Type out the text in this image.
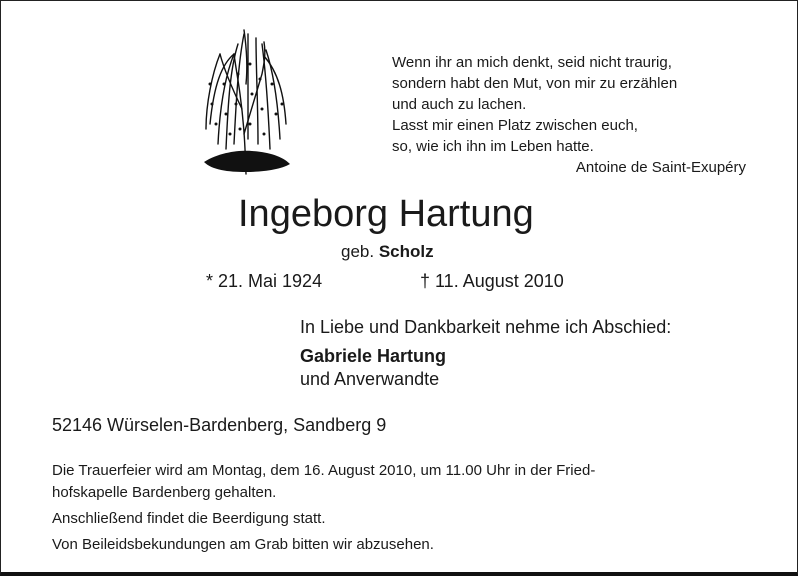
Wenn ihr an mich denkt, seid nicht traurig,
sondern habt den Mut, von mir zu erzählen
und auch zu lachen.
Lasst mir einen Platz zwischen euch,
so, wie ich ihn im Leben hatte.
Antoine de Saint-Exupéry
Ingeborg Hartung
geb. Scholz
* 21. Mai 1924	† 11. August 2010
In Liebe und Dankbarkeit nehme ich Abschied:
Gabriele Hartung
und Anverwandte
52146 Würselen-Bardenberg, Sandberg 9
Die Trauerfeier wird am Montag, dem 16. August 2010, um 11.00 Uhr in der Fried-
hofskapelle Bardenberg gehalten.
Anschließend findet die Beerdigung statt.
Von Beileidsbekundungen am Grab bitten wir abzusehen.
